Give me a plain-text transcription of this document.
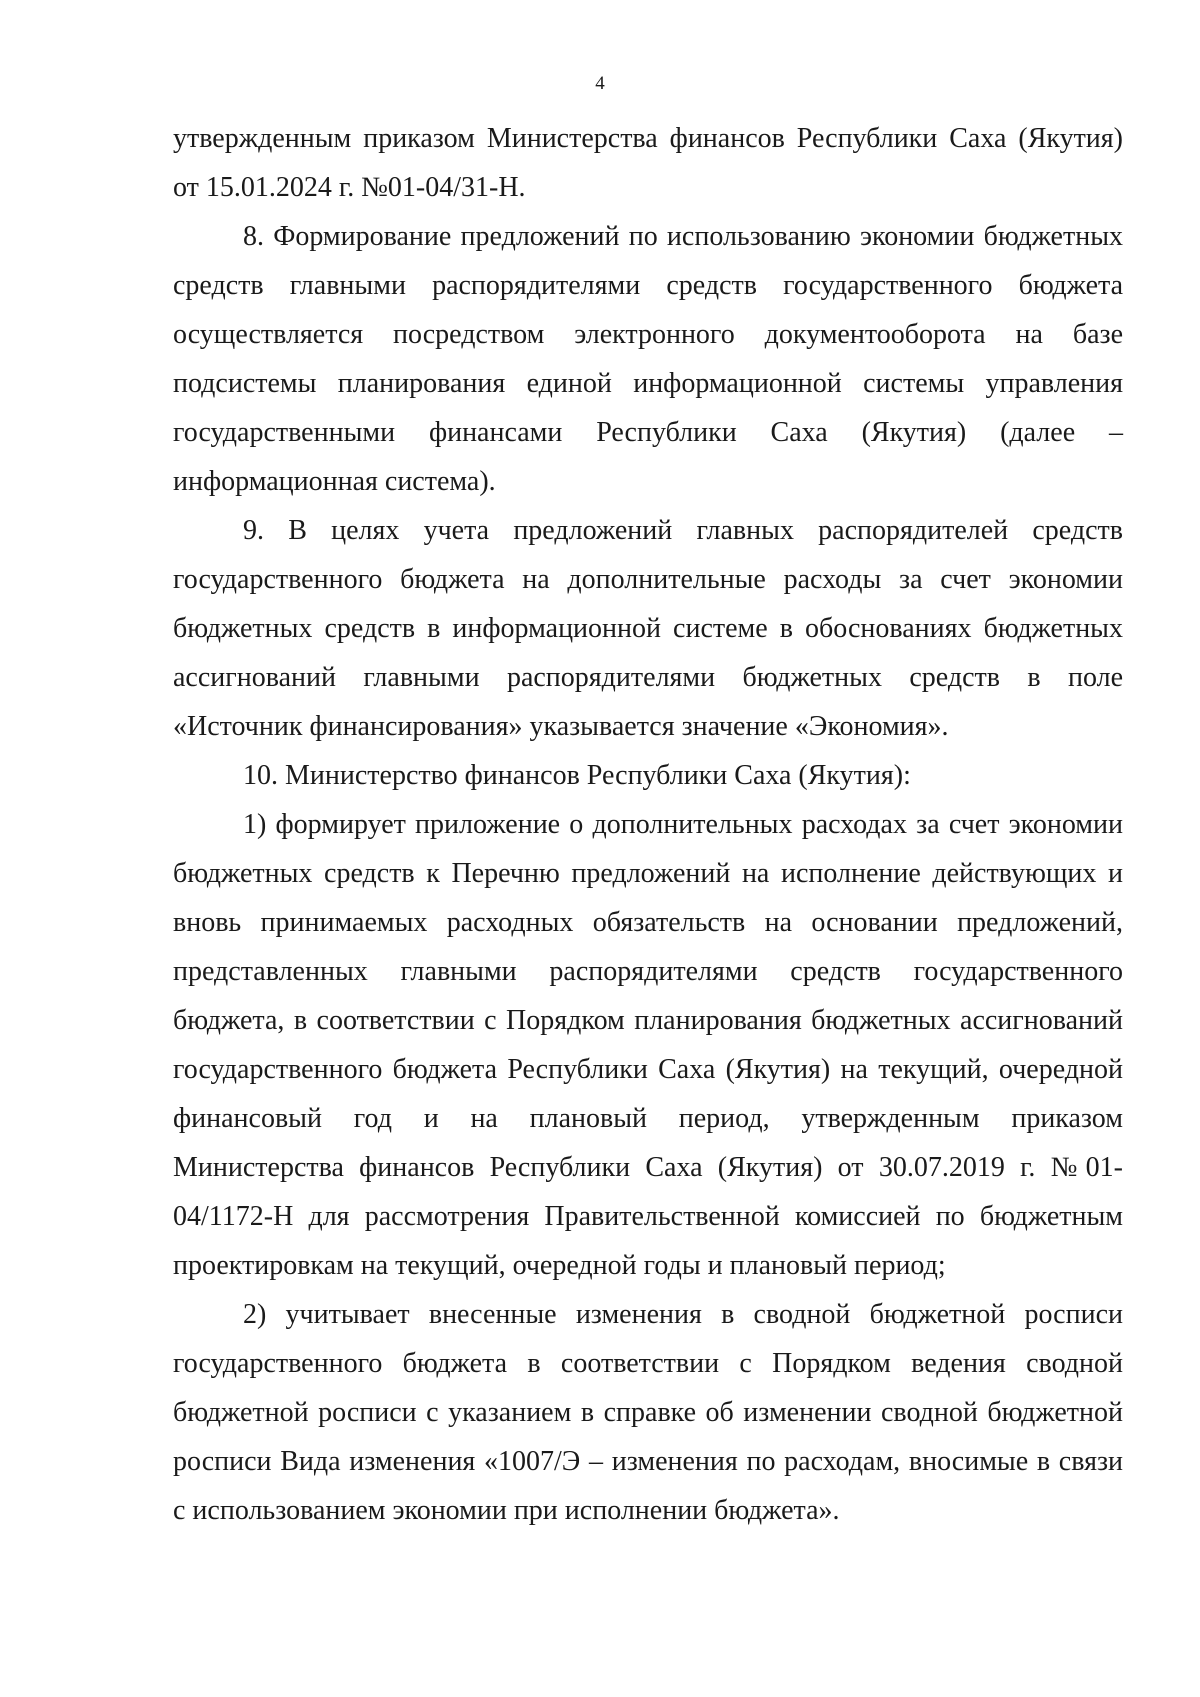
4

утвержденным приказом Министерства финансов Республики Саха (Якутия) от 15.01.2024 г. №01-04/31-Н.

8. Формирование предложений по использованию экономии бюджетных средств главными распорядителями средств государственного бюджета осуществляется посредством электронного документооборота на базе подсистемы планирования единой информационной системы управления государственными финансами Республики Саха (Якутия) (далее – информационная система).

9. В целях учета предложений главных распорядителей средств государственного бюджета на дополнительные расходы за счет экономии бюджетных средств в информационной системе в обоснованиях бюджетных ассигнований главными распорядителями бюджетных средств в поле «Источник финансирования» указывается значение «Экономия».

10. Министерство финансов Республики Саха (Якутия):

1) формирует приложение о дополнительных расходах за счет экономии бюджетных средств к Перечню предложений на исполнение действующих и вновь принимаемых расходных обязательств на основании предложений, представленных главными распорядителями средств государственного бюджета, в соответствии с Порядком планирования бюджетных ассигнований государственного бюджета Республики Саха (Якутия) на текущий, очередной финансовый год и на плановый период, утвержденным приказом Министерства финансов Республики Саха (Якутия) от 30.07.2019 г. №01-04/1172-Н для рассмотрения Правительственной комиссией по бюджетным проектировкам на текущий, очередной годы и плановый период;

2) учитывает внесенные изменения в сводной бюджетной росписи государственного бюджета в соответствии с Порядком ведения сводной бюджетной росписи с указанием в справке об изменении сводной бюджетной росписи Вида изменения «1007/Э – изменения по расходам, вносимые в связи с использованием экономии при исполнении бюджета».
